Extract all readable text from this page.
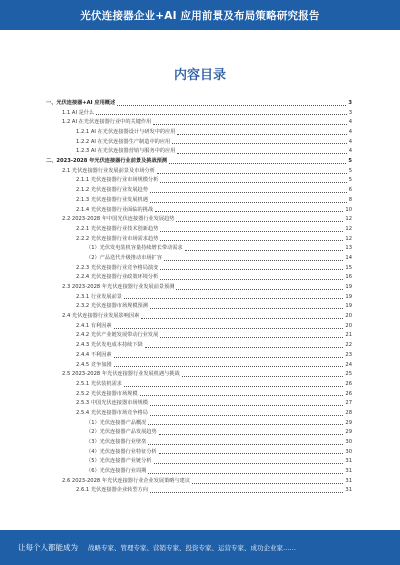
光伏连接器企业+AI 应用前景及布局策略研究报告
内容目录
一、光伏连接器+AI 应用概述	3
1.1 AI 是什么	3
1.2 AI 在光伏连接器行业中的关键作用	4
1.2.1 AI 在光伏连接器设计与研发中的应用	4
1.2.2 AI 在光伏连接器生产制造中的应用	4
1.2.3 AI 在光伏连接器营销与服务中的应用	4
二、2023-2028 年光伏连接器行业前景及挑战预测	5
2.1 光伏连接器行业发展前景及市场分析	5
2.1.1 光伏连接器行业市场规模分析	5
2.1.2 光伏连接器行业发展趋势	6
2.1.3 光伏连接器行业发展机遇	8
2.1.4 光伏连接器行业面临的挑战	10
2.2 2023-2028 年中国光伏连接器行业发展趋势	12
2.2.1 光伏连接器行业技术创新趋势	12
2.2.2 光伏连接器行业市场需求趋势	12
（1）光伏发电装机容量持续增长带动需求	13
（2）产品迭代升级推动市场扩容	14
2.2.3 光伏连接器行业竞争格局演变	15
2.2.4 光伏连接器行业政策环境分析	16
2.3 2023-2028 年光伏连接器行业发展前景预测	19
2.3.1 行业发展前景	19
2.3.2 光伏连接器市场规模预测	19
2.4 光伏连接器行业发展影响因素	20
2.4.1 有利因素	20
2.4.2 光伏产业链发展带动行业发展	21
2.4.3 光伏发电成本持续下降	22
2.4.4 不利因素	23
2.4.5 竞争加剧	24
2.5 2023-2028 年光伏连接器行业发展机遇与挑战	25
2.5.1 光伏装机需求	26
2.5.2 光伏连接器市场规模	26
2.5.3 中国光伏连接器市场规模	27
2.5.4 光伏连接器市场竞争格局	28
（1）光伏连接器产品概况	29
（2）光伏连接器产品发展趋势	29
（3）光伏连接器行业壁垒	30
（4）光伏连接器行业特征分析	30
（5）光伏连接器产业链分析	31
（6）光伏连接器行业周期	31
2.6 2023-2028 年光伏连接器行业企业发展策略与建议	31
2.6.1 光伏连接器企业转型方向	31
让每个人都能成为 战略专家、管理专家、营销专家、投资专家、运营专家、成功企业家……
